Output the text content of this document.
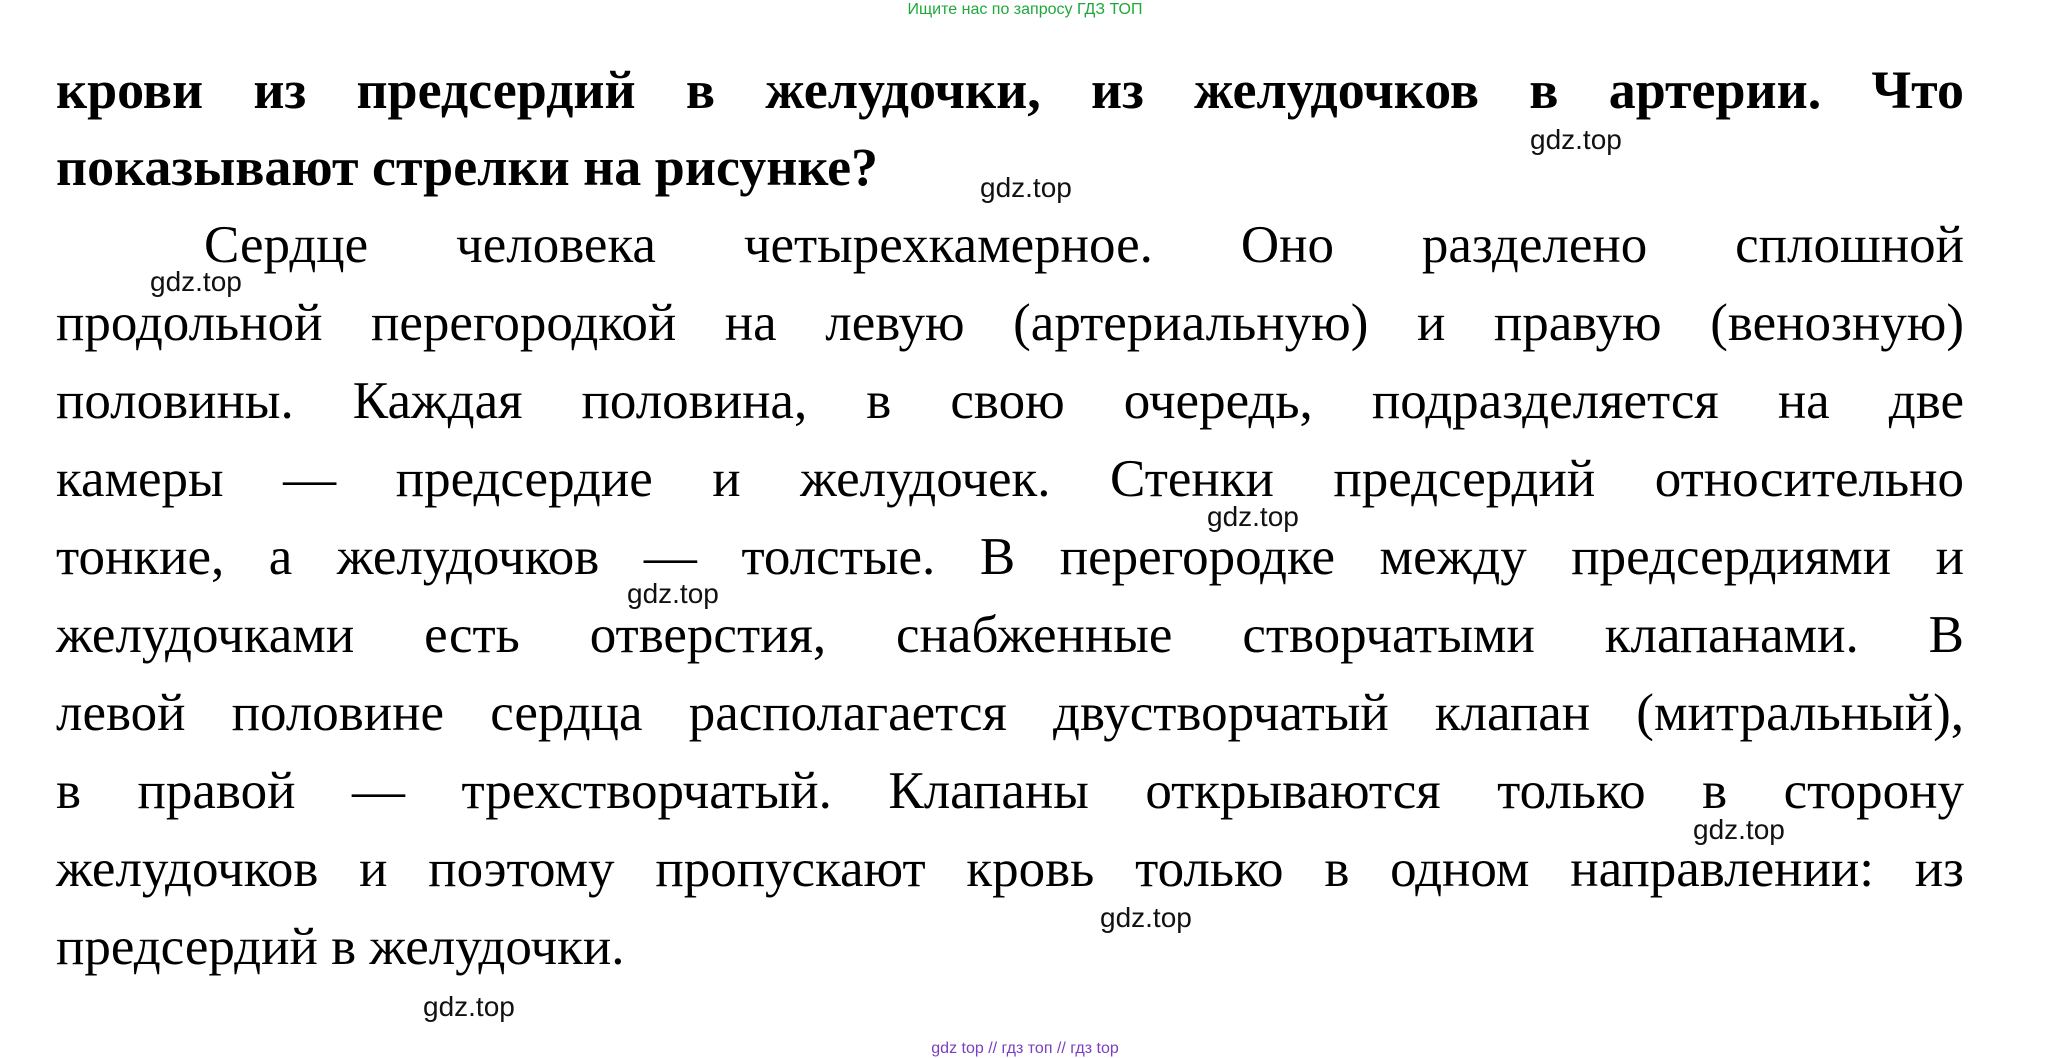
Ищите нас по запросу ГДЗ ТОП
крови из предсердий в желудочки, из желудочков в артерии. Что
показывают стрелки на рисунке?
Сердце человека четырехкамерное. Оно разделено сплошной
продольной перегородкой на левую (артериальную) и правую (венозную)
половины. Каждая половина, в свою очередь, подразделяется на две
камеры — предсердие и желудочек. Стенки предсердий относительно
тонкие, а желудочков — толстые. В перегородке между предсердиями и
желудочками есть отверстия, снабженные створчатыми клапанами. В
левой половине сердца располагается двустворчатый клапан (митральный),
в правой — трехстворчатый. Клапаны открываются только в сторону
желудочков и поэтому пропускают кровь только в одном направлении: из
предсердий в желудочки.
gdz.top
gdz.top
gdz.top
gdz.top
gdz.top
gdz.top
gdz.top
gdz.top
gdz top // гдз топ // гдз top
